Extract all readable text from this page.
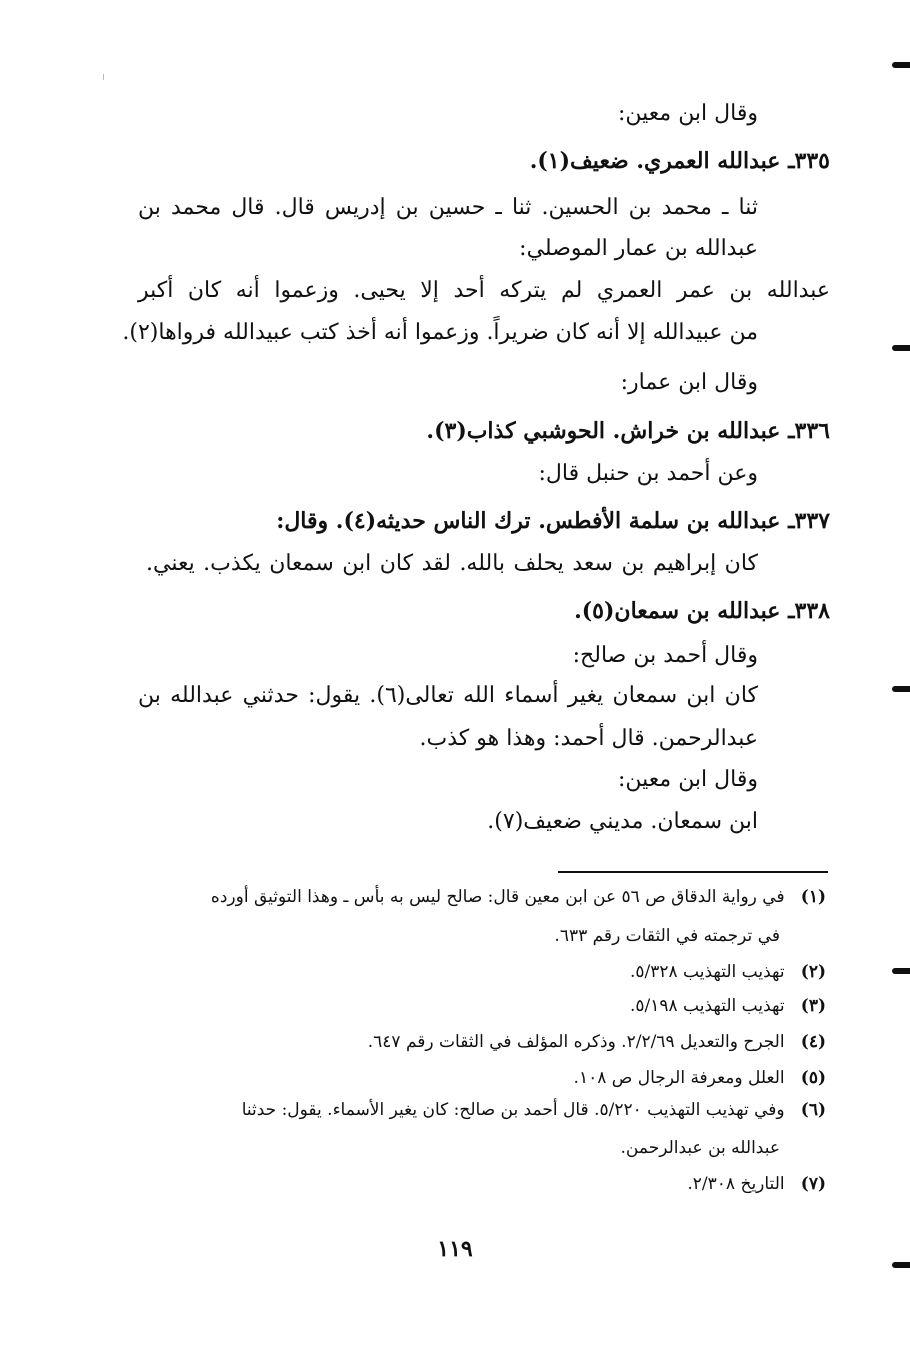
وقال ابن معين:
٣٣٥ـ عبدالله العمري. ضعيف(١).
ثنا ـ محمد بن الحسين. ثنا ـ حسين بن إدريس قال. قال محمد بن
عبدالله بن عمار الموصلي:
عبدالله بن عمر العمري لم يتركه أحد إلا يحيى. وزعموا أنه كان أكبر
من عبيدالله إلا أنه كان ضريراً. وزعموا أنه أخذ كتب عبيدالله فرواها(٢).
وقال ابن عمار:
٣٣٦ـ عبدالله بن خراش. الحوشبي كذاب(٣).
وعن أحمد بن حنبل قال:
٣٣٧ـ عبدالله بن سلمة الأفطس. ترك الناس حديثه(٤). وقال:
كان إبراهيم بن سعد يحلف بالله. لقد كان ابن سمعان يكذب. يعني.
٣٣٨ـ عبدالله بن سمعان(٥).
وقال أحمد بن صالح:
كان ابن سمعان يغير أسماء الله تعالى(٦). يقول: حدثني عبدالله بن
عبدالرحمن. قال أحمد: وهذا هو كذب.
وقال ابن معين:
ابن سمعان. مديني ضعيف(٧).
(١) في رواية الدقاق ص ٥٦ عن ابن معين قال: صالح ليس به بأس ـ وهذا التوثيق أورده
في ترجمته في الثقات رقم ٦٣٣.
(٢) تهذيب التهذيب ٥/٣٢٨.
(٣) تهذيب التهذيب ٥/١٩٨.
(٤) الجرح والتعديل ٢/٢/٦٩. وذكره المؤلف في الثقات رقم ٦٤٧.
(٥) العلل ومعرفة الرجال ص ١٠٨.
(٦) وفي تهذيب التهذيب ٥/٢٢٠. قال أحمد بن صالح: كان يغير الأسماء. يقول: حدثنا
عبدالله بن عبدالرحمن.
(٧) التاريخ ٢/٣٠٨.
١١٩
